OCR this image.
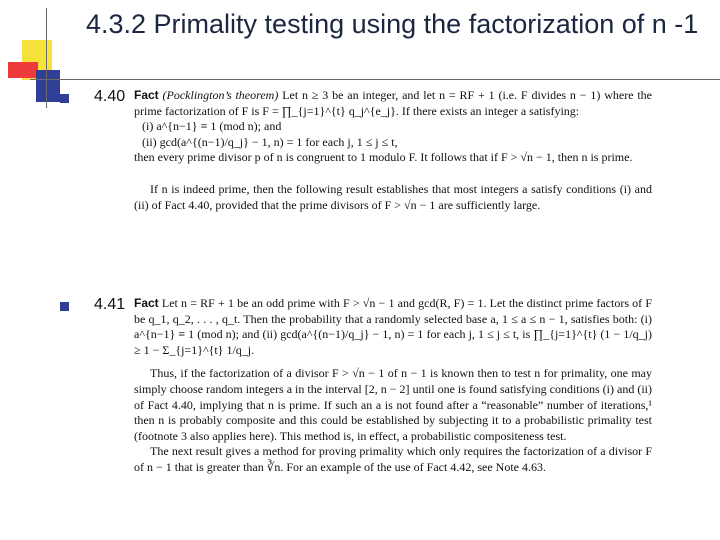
4.3.2 Primality testing using the factorization of n -1
4.40 Fact (Pocklington’s theorem) Let n ≥ 3 be an integer, and let n = RF + 1 (i.e. F divides n − 1) where the prime factorization of F is F = ∏_{j=1}^{t} q_j^{e_j}. If there exists an integer a satisfying:

(i) a^{n−1} ≡ 1 (mod n); and

(ii) gcd(a^{(n−1)/q_j} − 1, n) = 1 for each j, 1 ≤ j ≤ t,

then every prime divisor p of n is congruent to 1 modulo F. It follows that if F > √n − 1, then n is prime.

If n is indeed prime, then the following result establishes that most integers a satisfy conditions (i) and (ii) of Fact 4.40, provided that the prime divisors of F > √n − 1 are sufficiently large.

4.41 Fact Let n = RF + 1 be an odd prime with F > √n − 1 and gcd(R, F) = 1. Let the distinct prime factors of F be q_1, q_2, . . . , q_t. Then the probability that a randomly selected base a, 1 ≤ a ≤ n − 1, satisfies both: (i) a^{n−1} ≡ 1 (mod n); and (ii) gcd(a^{(n−1)/q_j} − 1, n) = 1 for each j, 1 ≤ j ≤ t, is ∏_{j=1}^{t} (1 − 1/q_j) ≥ 1 − Σ_{j=1}^{t} 1/q_j.

Thus, if the factorization of a divisor F > √n − 1 of n − 1 is known then to test n for primality, one may simply choose random integers a in the interval [2, n − 2] until one is found satisfying conditions (i) and (ii) of Fact 4.40, implying that n is prime. If such an a is not found after a “reasonable” number of iterations,¹ then n is probably composite and this could be established by subjecting it to a probabilistic primality test (footnote 3 also applies here). This method is, in effect, a probabilistic compositeness test.

The next result gives a method for proving primality which only requires the factorization of a divisor F of n − 1 that is greater than ∛n. For an example of the use of Fact 4.42, see Note 4.63.
